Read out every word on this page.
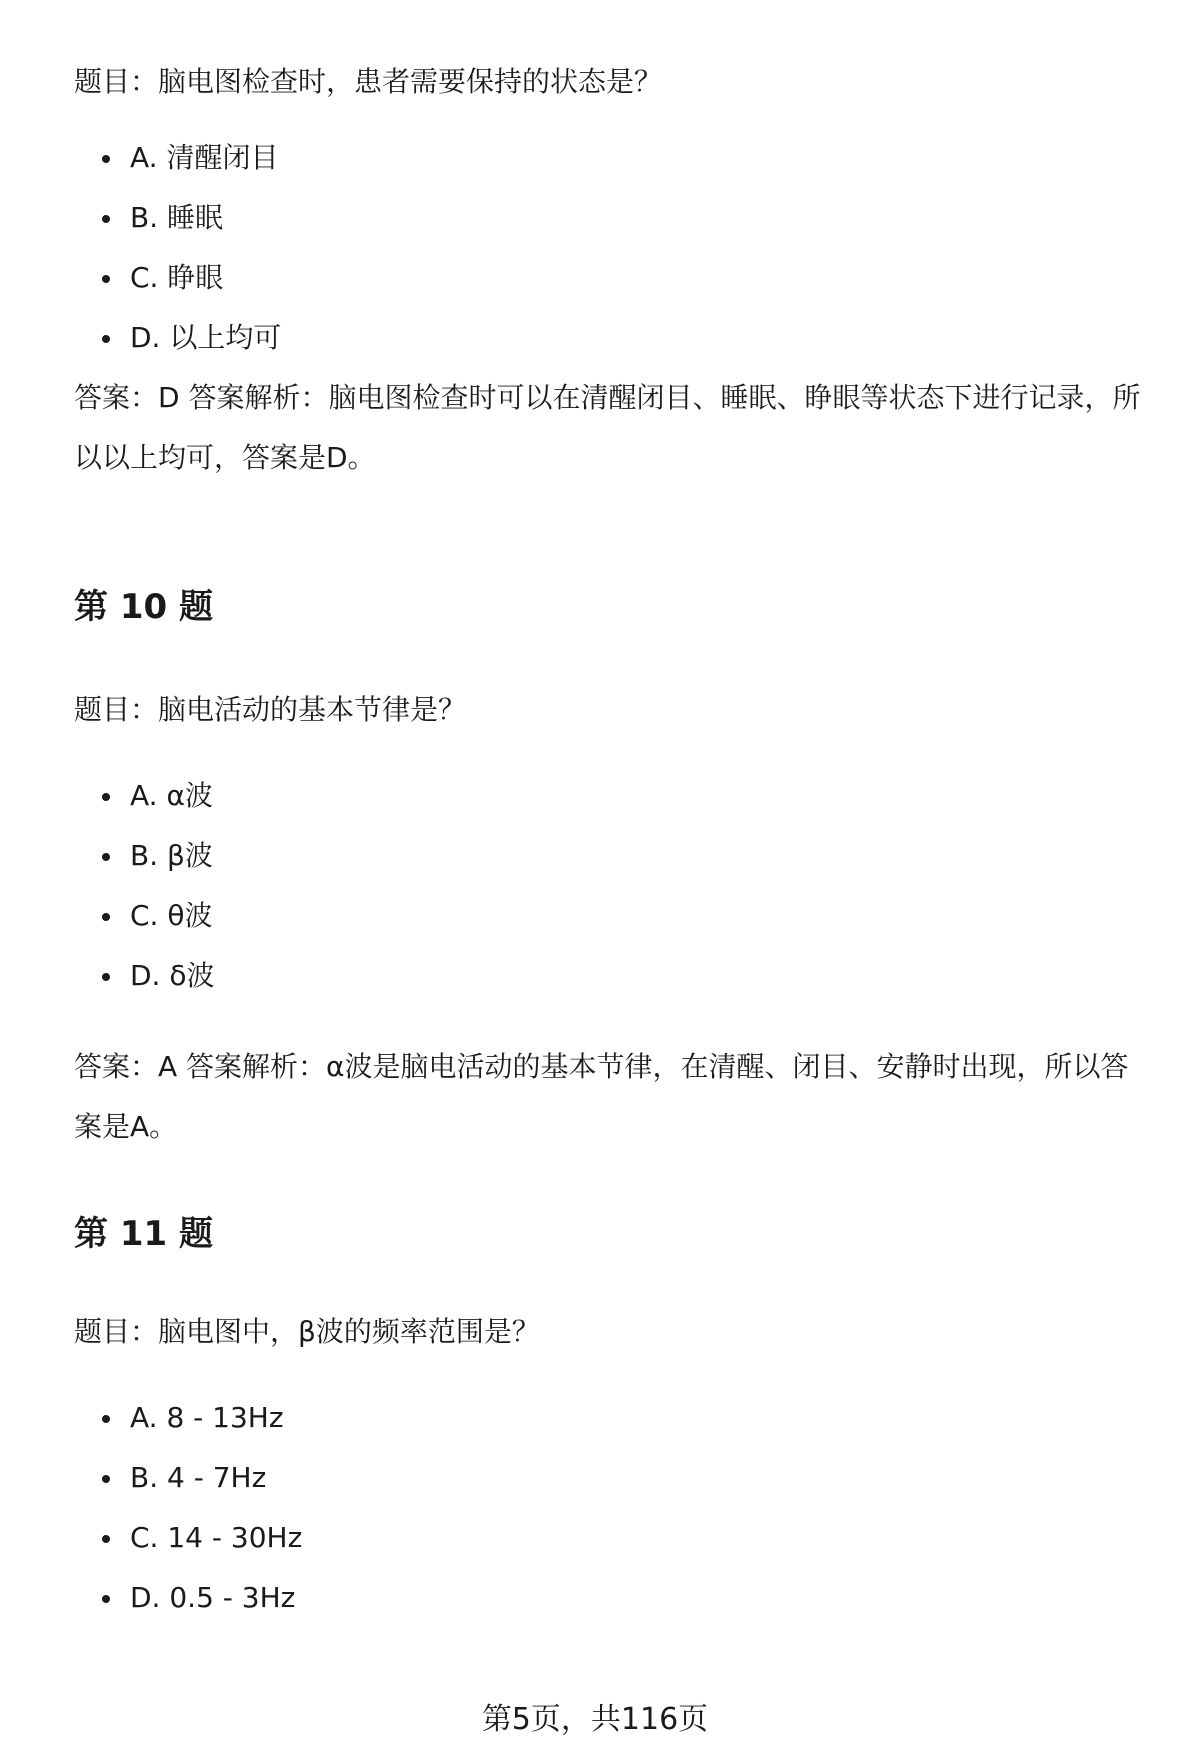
题目：脑电图检查时，患者需要保持的状态是？
A. 清醒闭目
B. 睡眠
C. 睁眼
D. 以上均可
答案：D 答案解析：脑电图检查时可以在清醒闭目、睡眠、睁眼等状态下进行记录，所以以上均可，答案是D。
第 10 题
题目：脑电活动的基本节律是？
A. α波
B. β波
C. θ波
D. δ波
答案：A 答案解析：α波是脑电活动的基本节律，在清醒、闭目、安静时出现，所以答案是A。
第 11 题
题目：脑电图中，β波的频率范围是？
A. 8 - 13Hz
B. 4 - 7Hz
C. 14 - 30Hz
D. 0.5 - 3Hz
第5页，共116页
